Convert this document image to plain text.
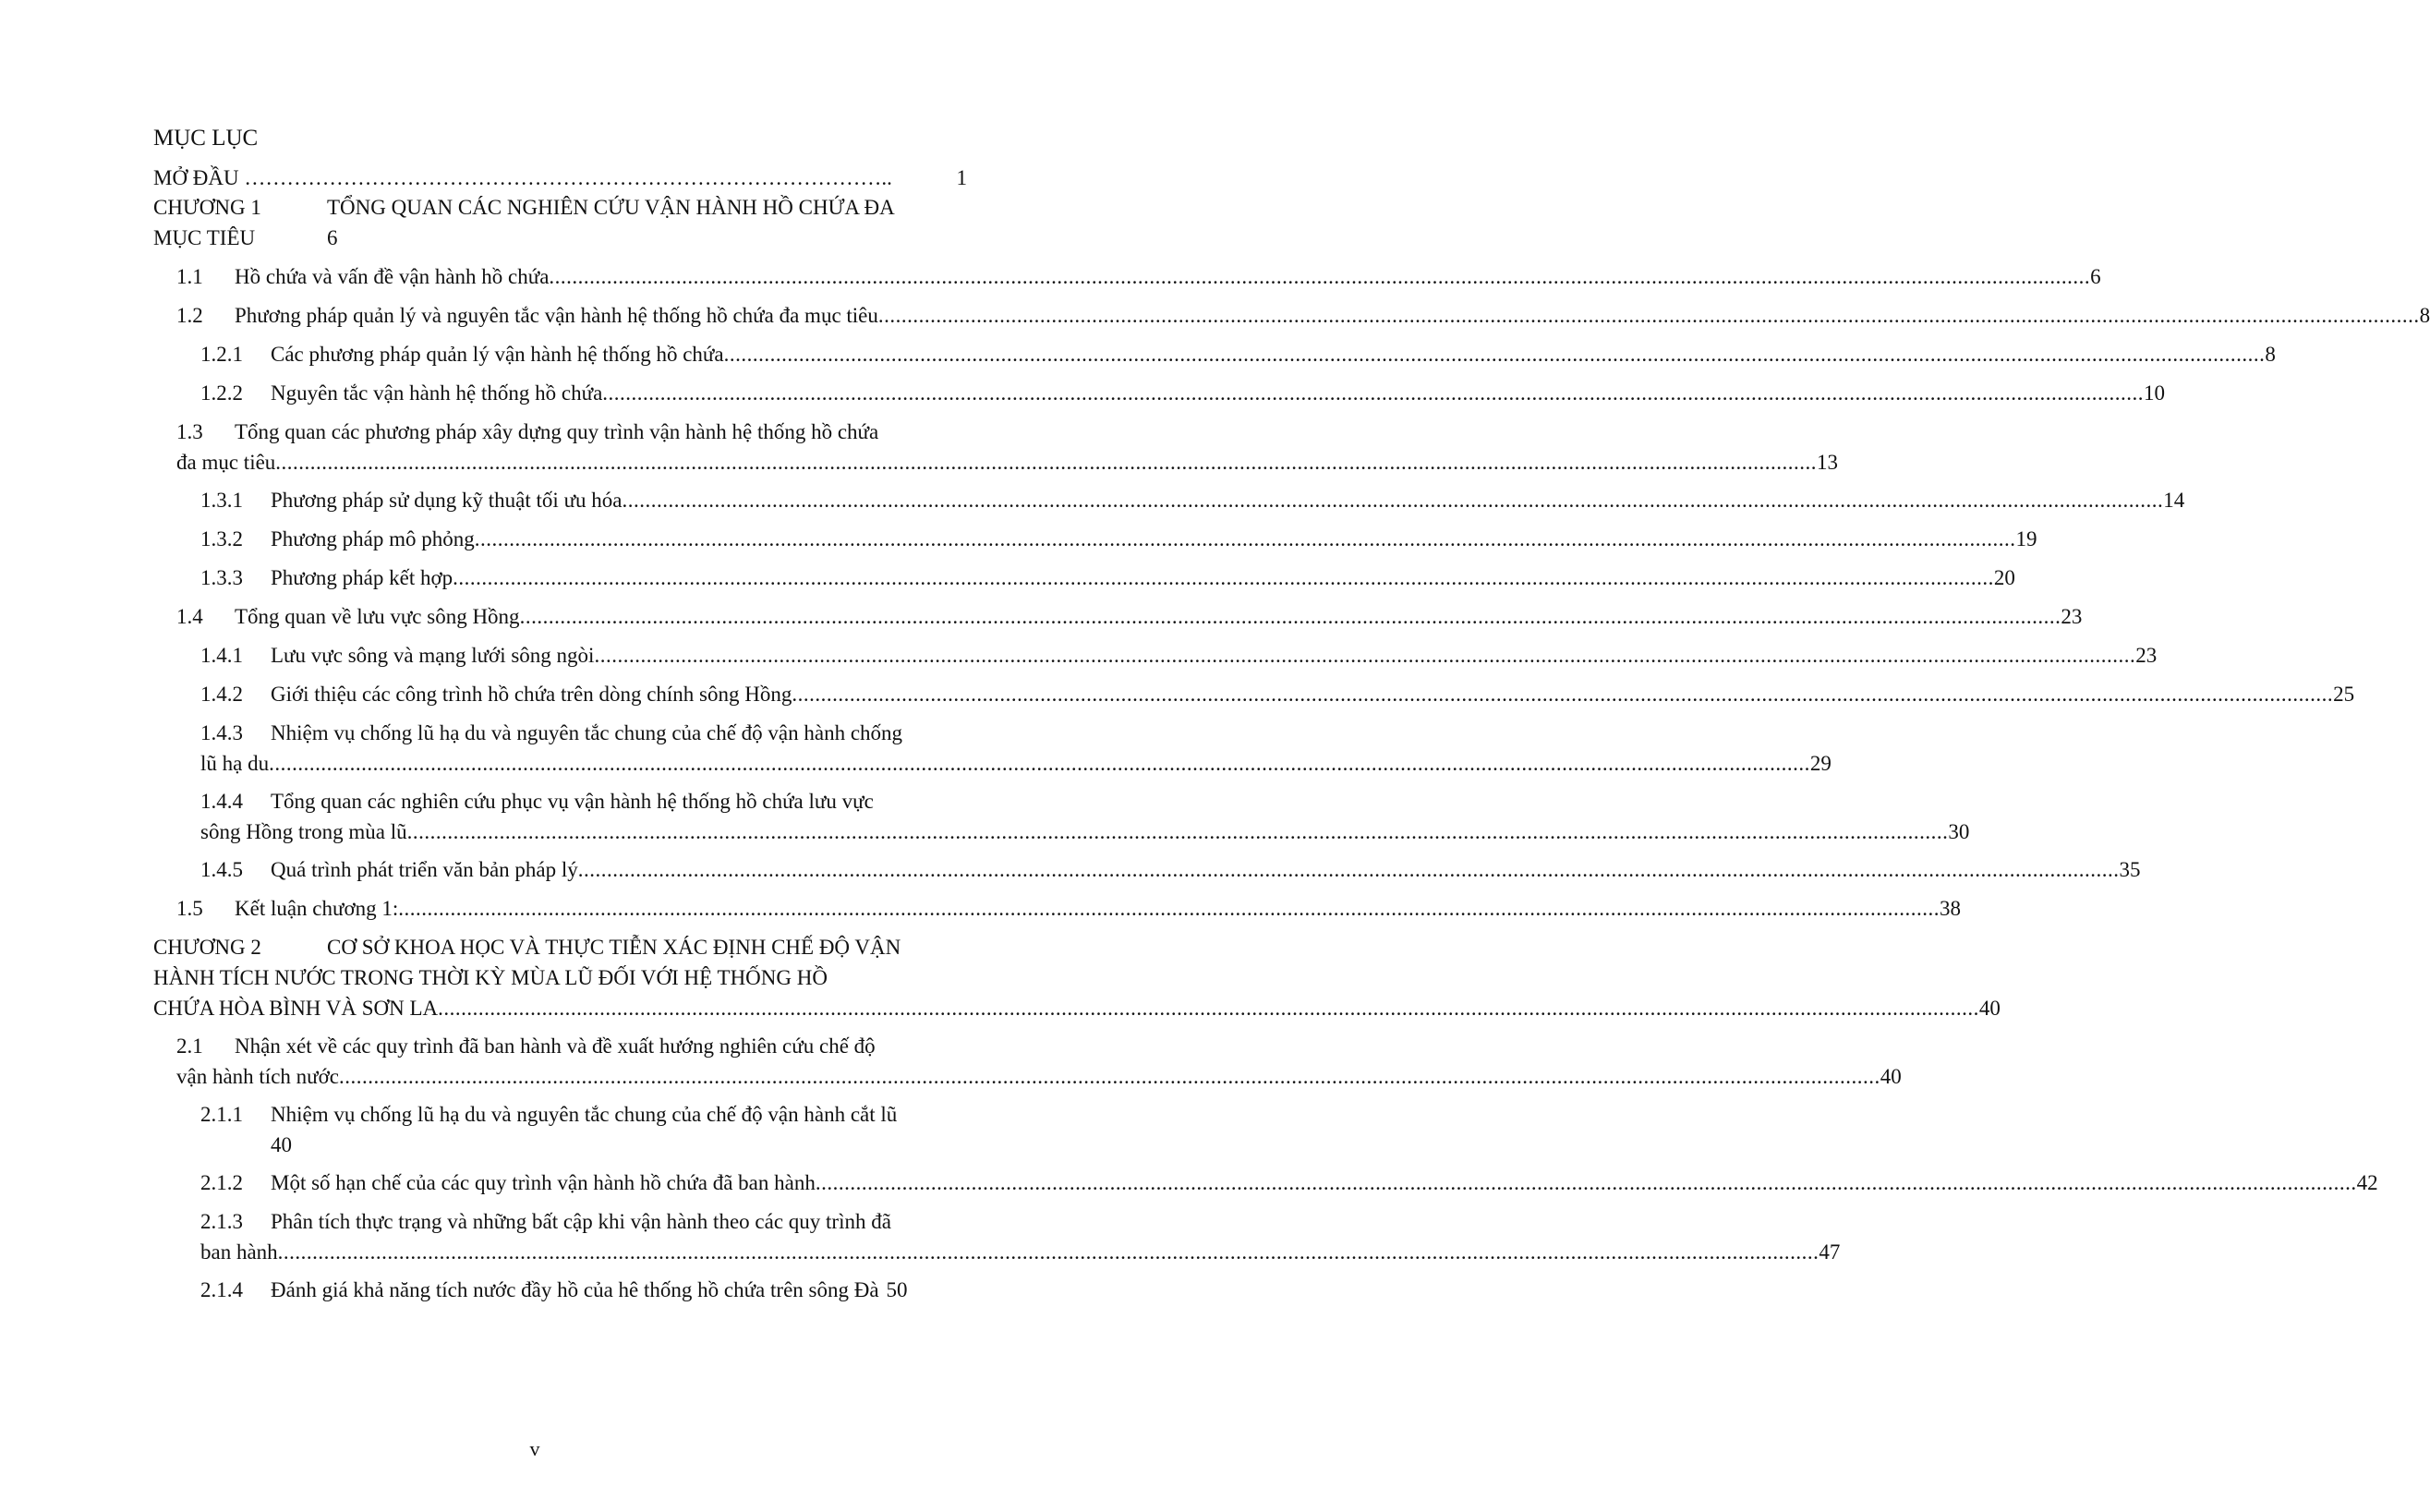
MỤC LỤC
MỞ ĐẦU ………………………………………………………………………………..	1
CHƯƠNG 1	TỔNG QUAN CÁC NGHIÊN CỨU VẬN HÀNH HỒ CHỨA ĐA
MỤC TIÊU	6
1.1	Hồ chứa và vấn đề vận hành hồ chứa ........................................................................................................................................................................................................................................................................... 6
1.2	Phương pháp quản lý và nguyên tắc vận hành hệ thống hồ chứa đa mục tiêu ........................................................................................................................................................................................................................................................................... 8
1.2.1	Các phương pháp quản lý vận hành hệ thống hồ chứa ........................................................................................................................................................................................................................................................................... 8
1.2.2	Nguyên tắc vận hành hệ thống hồ chứa ........................................................................................................................................................................................................................................................................... 10
1.3	Tổng quan các phương pháp xây dựng quy trình vận hành hệ thống hồ chứa
đa mục tiêu ........................................................................................................................................................................................................................................................................... 13
1.3.1	Phương pháp sử dụng kỹ thuật tối ưu hóa ........................................................................................................................................................................................................................................................................... 14
1.3.2	Phương pháp mô phỏng ........................................................................................................................................................................................................................................................................... 19
1.3.3	Phương pháp kết hợp ........................................................................................................................................................................................................................................................................... 20
1.4	Tổng quan về lưu vực sông Hồng ........................................................................................................................................................................................................................................................................... 23
1.4.1	Lưu vực sông và mạng lưới sông ngòi ........................................................................................................................................................................................................................................................................... 23
1.4.2	Giới thiệu các công trình hồ chứa trên dòng chính sông Hồng ........................................................................................................................................................................................................................................................................... 25
1.4.3	Nhiệm vụ chống lũ hạ du và nguyên tắc chung của chế độ vận hành chống
lũ hạ du ........................................................................................................................................................................................................................................................................... 29
1.4.4	Tổng quan các nghiên cứu phục vụ vận hành hệ thống hồ chứa lưu vực
sông Hồng trong mùa lũ ........................................................................................................................................................................................................................................................................... 30
1.4.5	Quá trình phát triển văn bản pháp lý ........................................................................................................................................................................................................................................................................... 35
1.5	Kết luận chương 1: ........................................................................................................................................................................................................................................................................... 38
CHƯƠNG 2	CƠ SỞ KHOA HỌC VÀ THỰC TIỄN XÁC ĐỊNH CHẾ ĐỘ VẬN
HÀNH TÍCH NƯỚC TRONG THỜI KỲ MÙA LŨ ĐỐI VỚI HỆ THỐNG HỒ
CHỨA HÒA BÌNH VÀ SƠN LA ........................................................................................................................................................................................................................................................................... 40
2.1	Nhận xét về các quy trình đã ban hành và đề xuất hướng nghiên cứu chế độ
vận hành tích nước ........................................................................................................................................................................................................................................................................... 40
2.1.1	Nhiệm vụ chống lũ hạ du và nguyên tắc chung của chế độ vận hành cắt lũ
40
2.1.2	Một số hạn chế của các quy trình vận hành hồ chứa đã ban hành ........................................................................................................................................................................................................................................................................... 42
2.1.3	Phân tích thực trạng và những bất cập khi vận hành theo các quy trình đã
ban hành ........................................................................................................................................................................................................................................................................... 47
2.1.4	Đánh giá khả năng tích nước đầy hồ của hê thống hồ chứa trên sông Đà 50
v
